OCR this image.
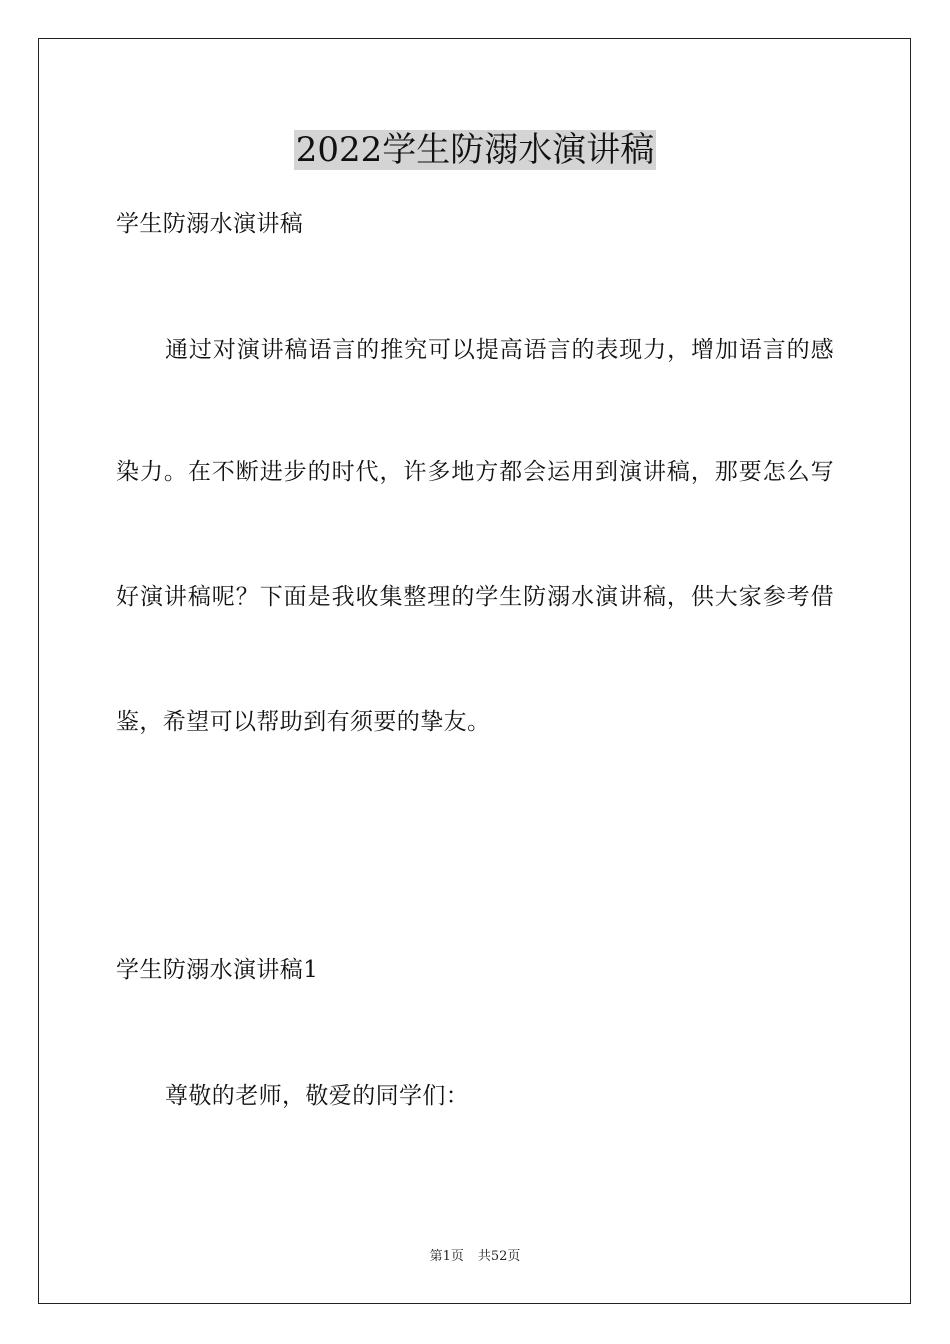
2022学生防溺水演讲稿
学生防溺水演讲稿
通过对演讲稿语言的推究可以提高语言的表现力，增加语言的感
染力。在不断进步的时代，许多地方都会运用到演讲稿，那要怎么写
好演讲稿呢？下面是我收集整理的学生防溺水演讲稿，供大家参考借
鉴，希望可以帮助到有须要的挚友。
学生防溺水演讲稿1
尊敬的老师，敬爱的同学们：
第1页 共52页
